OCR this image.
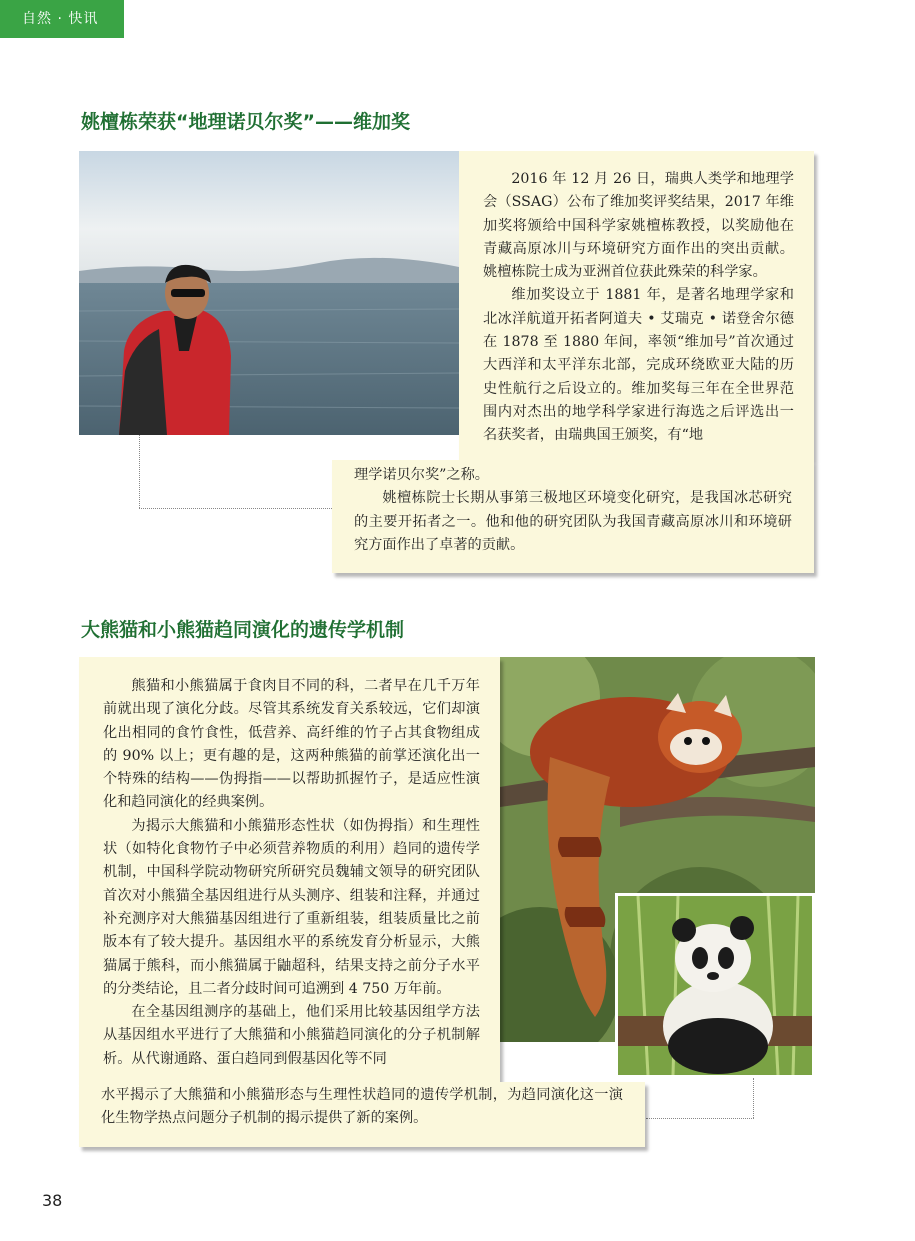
自然 · 快讯
姚檀栋荣获“地理诺贝尔奖”——维加奖

2016 年 12 月 26 日，瑞典人类学和地理学会（SSAG）公布了维加奖评奖结果，2017 年维加奖将颁给中国科学家姚檀栋教授，以奖励他在青藏高原冰川与环境研究方面作出的突出贡献。姚檀栋院士成为亚洲首位获此殊荣的科学家。

维加奖设立于 1881 年，是著名地理学家和北冰洋航道开拓者阿道夫 • 艾瑞克 • 诺登舍尔德在 1878 至 1880 年间，率领“维加号”首次通过大西洋和太平洋东北部，完成环绕欧亚大陆的历史性航行之后设立的。维加奖每三年在全世界范围内对杰出的地学科学家进行海选之后评选出一名获奖者，由瑞典国王颁奖，有“地

理学诺贝尔奖”之称。

姚檀栋院士长期从事第三极地区环境变化研究，是我国冰芯研究的主要开拓者之一。他和他的研究团队为我国青藏高原冰川和环境研究方面作出了卓著的贡献。

大熊猫和小熊猫趋同演化的遗传学机制

熊猫和小熊猫属于食肉目不同的科，二者早在几千万年前就出现了演化分歧。尽管其系统发育关系较远，它们却演化出相同的食竹食性，低营养、高纤维的竹子占其食物组成的 90% 以上；更有趣的是，这两种熊猫的前掌还演化出一个特殊的结构——伪拇指——以帮助抓握竹子，是适应性演化和趋同演化的经典案例。

为揭示大熊猫和小熊猫形态性状（如伪拇指）和生理性状（如特化食物竹子中必须营养物质的利用）趋同的遗传学机制，中国科学院动物研究所研究员魏辅文领导的研究团队首次对小熊猫全基因组进行从头测序、组装和注释，并通过补充测序对大熊猫基因组进行了重新组装，组装质量比之前版本有了较大提升。基因组水平的系统发育分析显示，大熊猫属于熊科，而小熊猫属于鼬超科，结果支持之前分子水平的分类结论，且二者分歧时间可追溯到 4 750 万年前。

在全基因组测序的基础上，他们采用比较基因组学方法从基因组水平进行了大熊猫和小熊猫趋同演化的分子机制解析。从代谢通路、蛋白趋同到假基因化等不同

水平揭示了大熊猫和小熊猫形态与生理性状趋同的遗传学机制，为趋同演化这一演化生物学热点问题分子机制的揭示提供了新的案例。

38
